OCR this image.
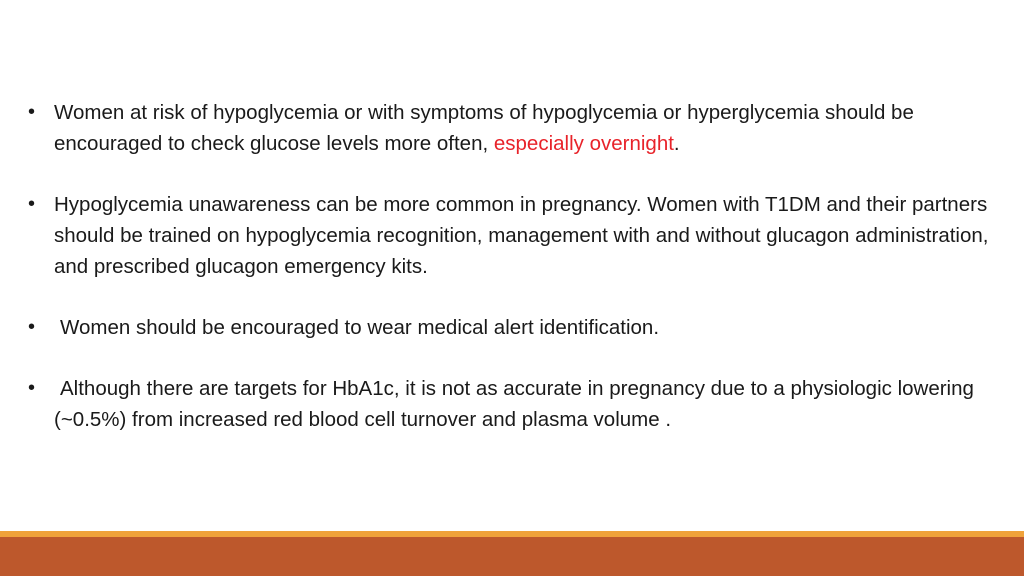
• Women at risk of hypoglycemia or with symptoms of hypoglycemia or hyperglycemia should be encouraged to check glucose levels more often, especially overnight.
• Hypoglycemia unawareness can be more common in pregnancy. Women with T1DM and their partners should be trained on hypoglycemia recognition, management with and without glucagon administration, and prescribed glucagon emergency kits.
•	Women should be encouraged to wear medical alert identification.
•	Although there are targets for HbA1c, it is not as accurate in pregnancy due to a physiologic lowering (~0.5%) from increased red blood cell turnover and plasma volume .
